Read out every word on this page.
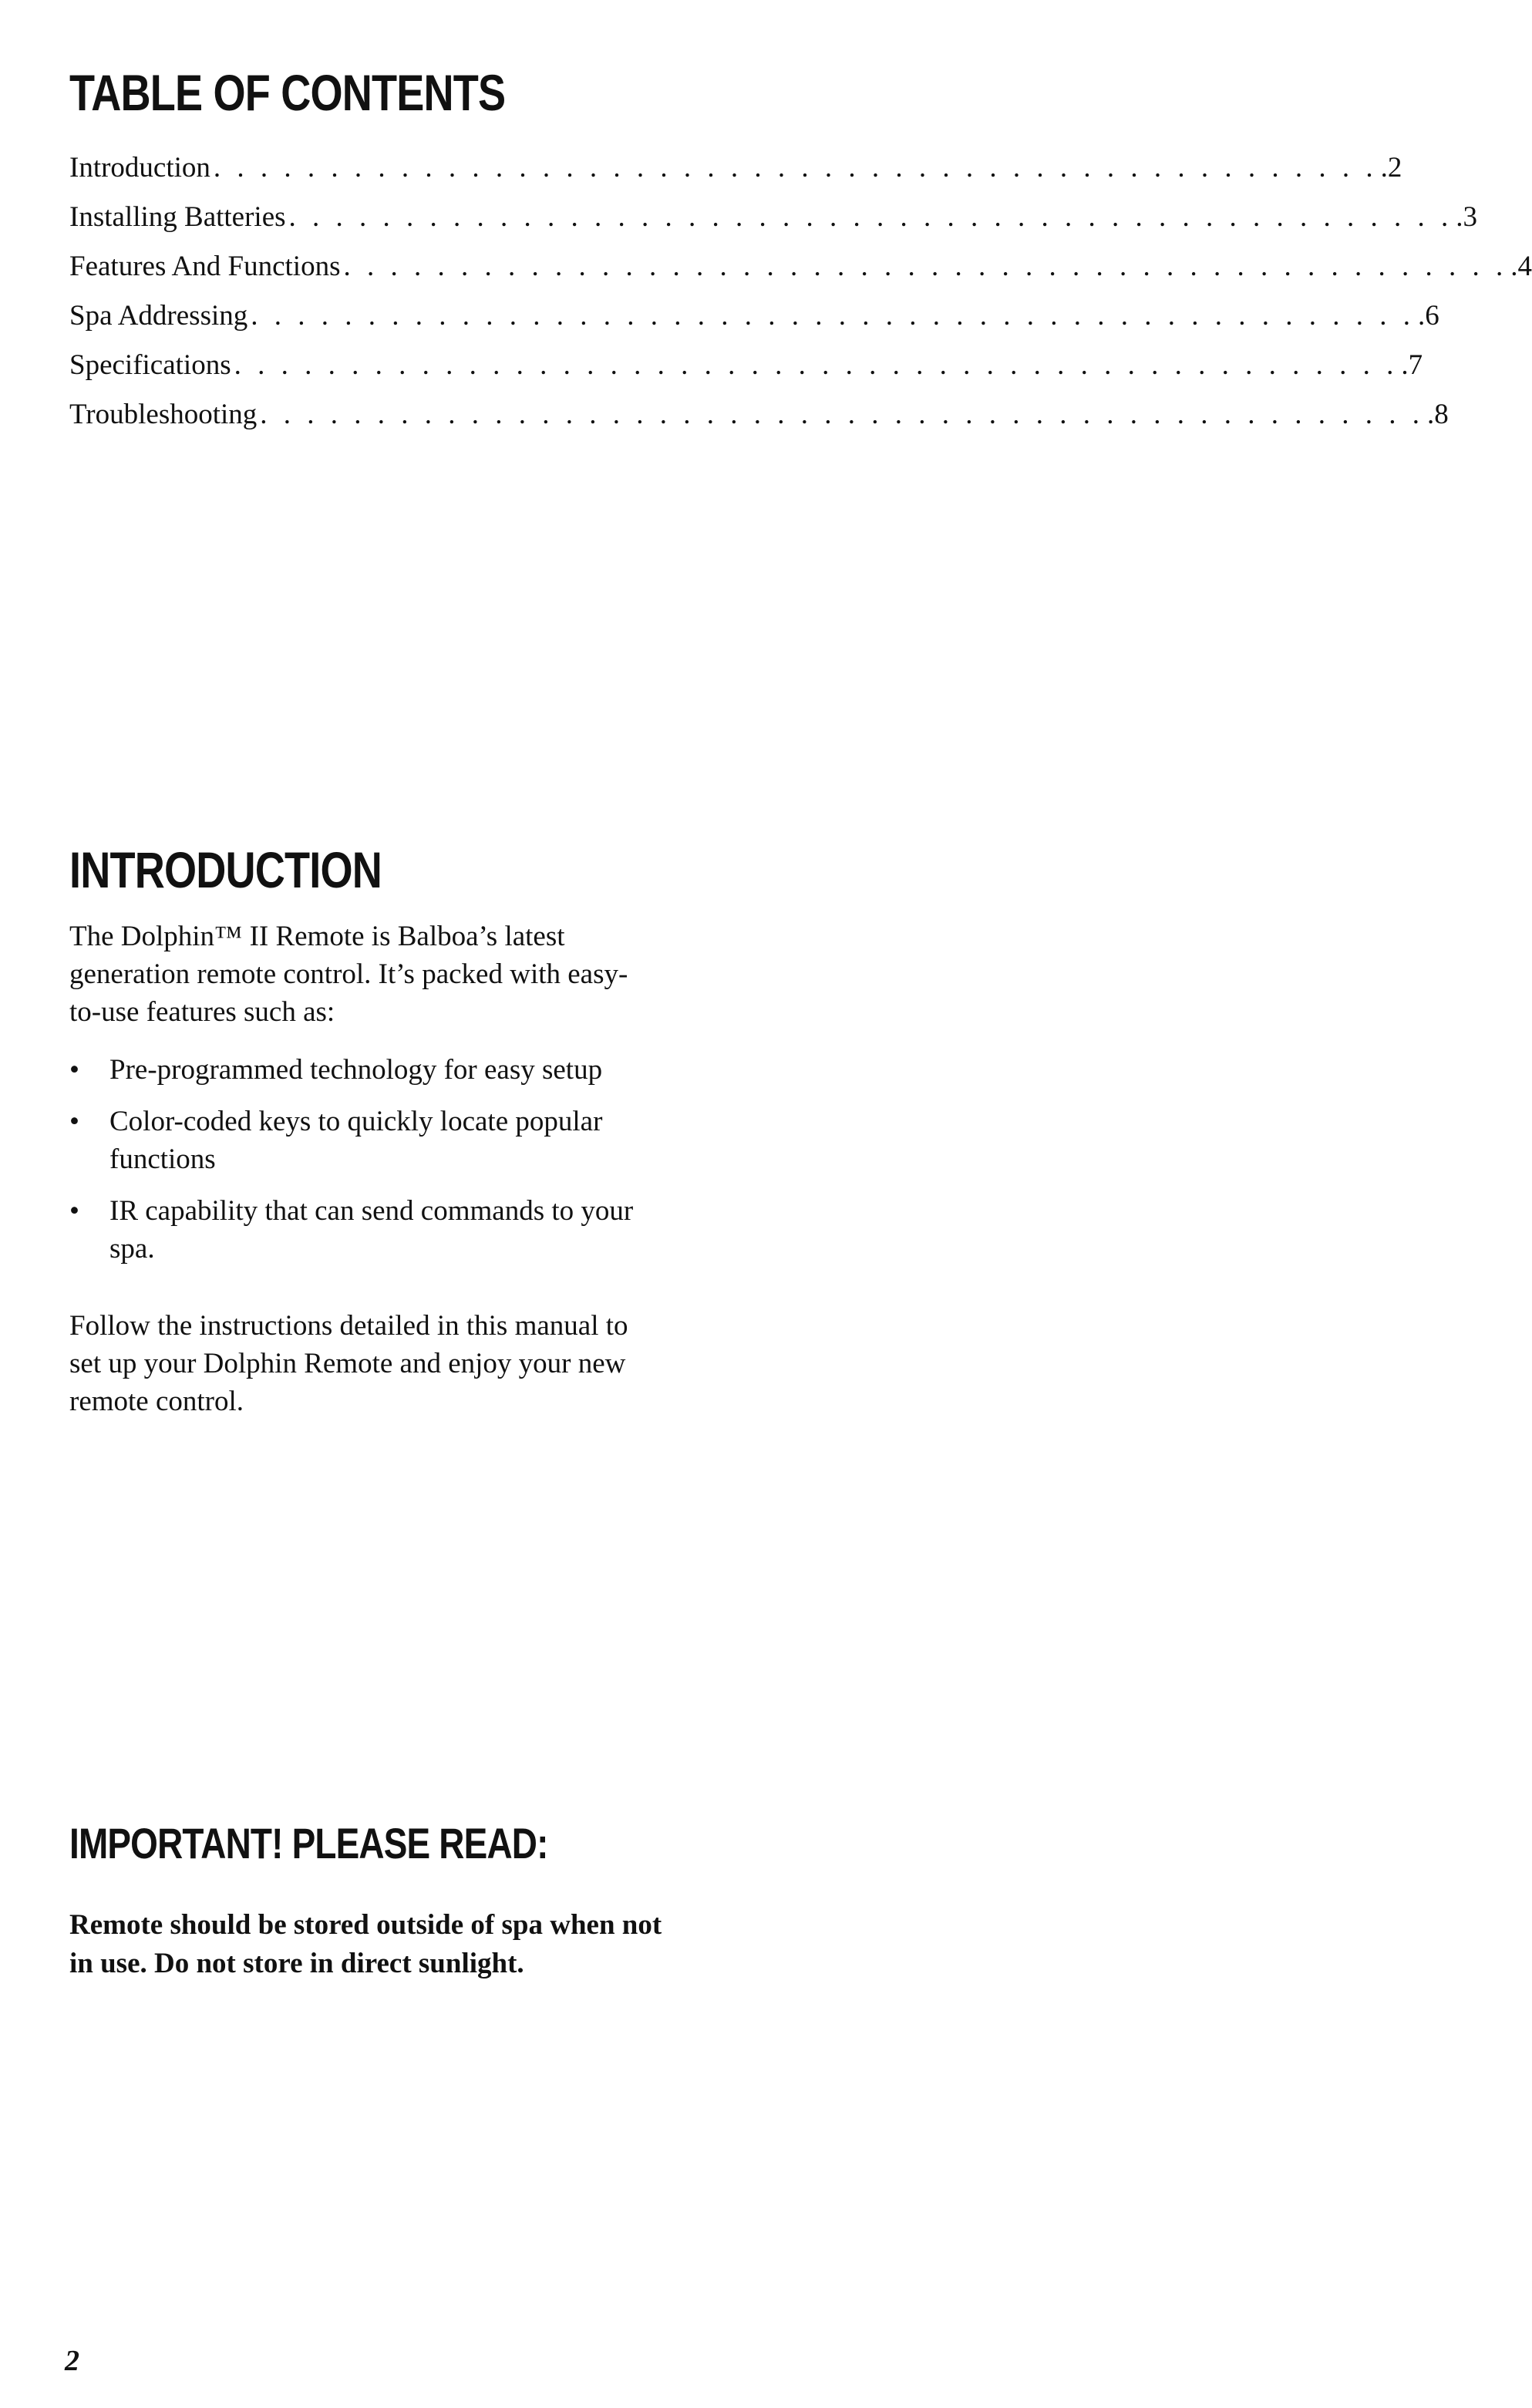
TABLE OF CONTENTS
Introduction . . . . . . . . . . . . . . . . . . . . . . . . . . . . . . . . . . . . . . . . . . . . . . . . . . .2
Installing Batteries . . . . . . . . . . . . . . . . . . . . . . . . . . . . . . . . . . . . . . . . . . . . . . . . . . .3
Features And Functions . . . . . . . . . . . . . . . . . . . . . . . . . . . . . . . . . . . . . . . . . . . . . . . . . . .4
Spa Addressing . . . . . . . . . . . . . . . . . . . . . . . . . . . . . . . . . . . . . . . . . . . . . . . . . . .6
Specifications . . . . . . . . . . . . . . . . . . . . . . . . . . . . . . . . . . . . . . . . . . . . . . . . . . .7
Troubleshooting . . . . . . . . . . . . . . . . . . . . . . . . . . . . . . . . . . . . . . . . . . . . . . . . . . .8
INTRODUCTION

The Dolphin™ II Remote is Balboa’s latest generation remote control. It’s packed with easy-to-use features such as:

• Pre-programmed technology for easy setup
• Color-coded keys to quickly locate popular functions
• IR capability that can send commands to your spa.

Follow the instructions detailed in this manual to set up your Dolphin Remote and enjoy your new remote control.

IMPORTANT! PLEASE READ:

Remote should be stored outside of spa when not in use. Do not store in direct sunlight.

2
